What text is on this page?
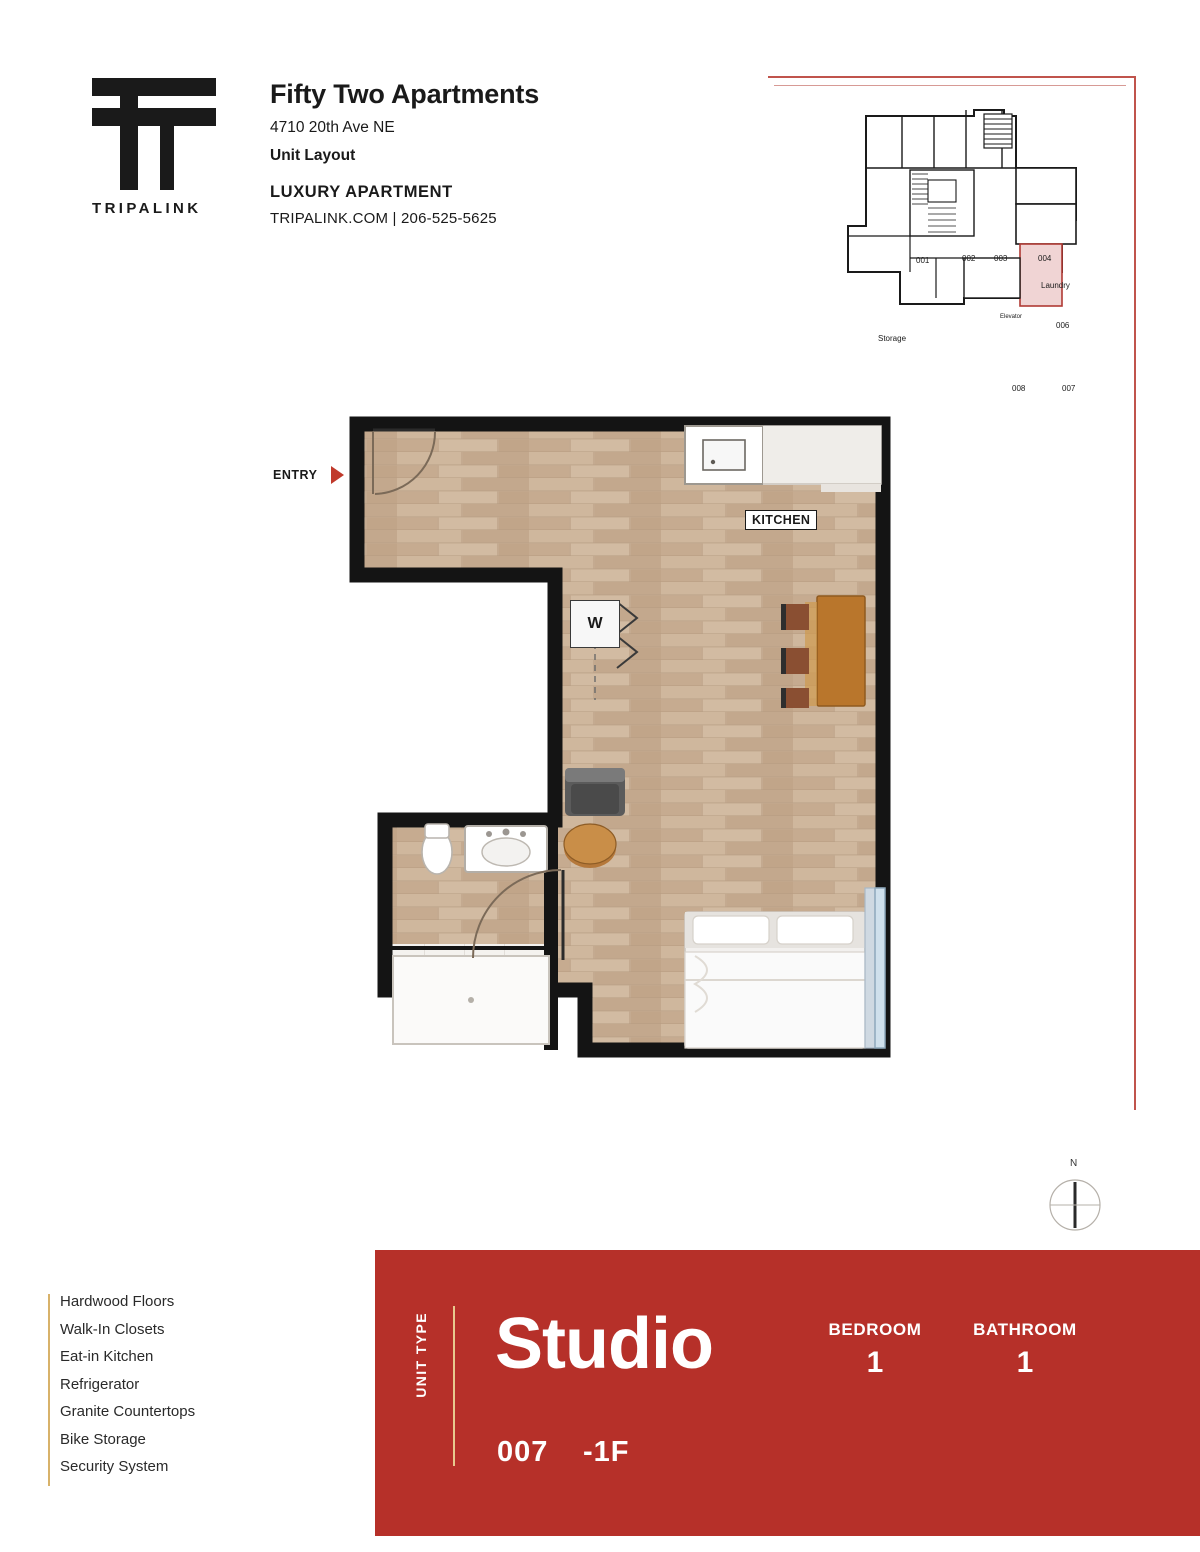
TRIPALINK
Fifty Two Apartments
4710 20th Ave NE
Unit Layout
LUXURY APARTMENT
TRIPALINK.COM | 206-525-5625
001	002 003	004
Laundry
006
Storage
Elevator
008	007
ENTRY
KITCHEN
W
N
Hardwood Floors
Walk-In Closets
Eat-in Kitchen
Refrigerator
Granite Countertops
Bike Storage
Security System
UNIT TYPE Studio
007 -1F
BEDROOM
1
BATHROOM
1
